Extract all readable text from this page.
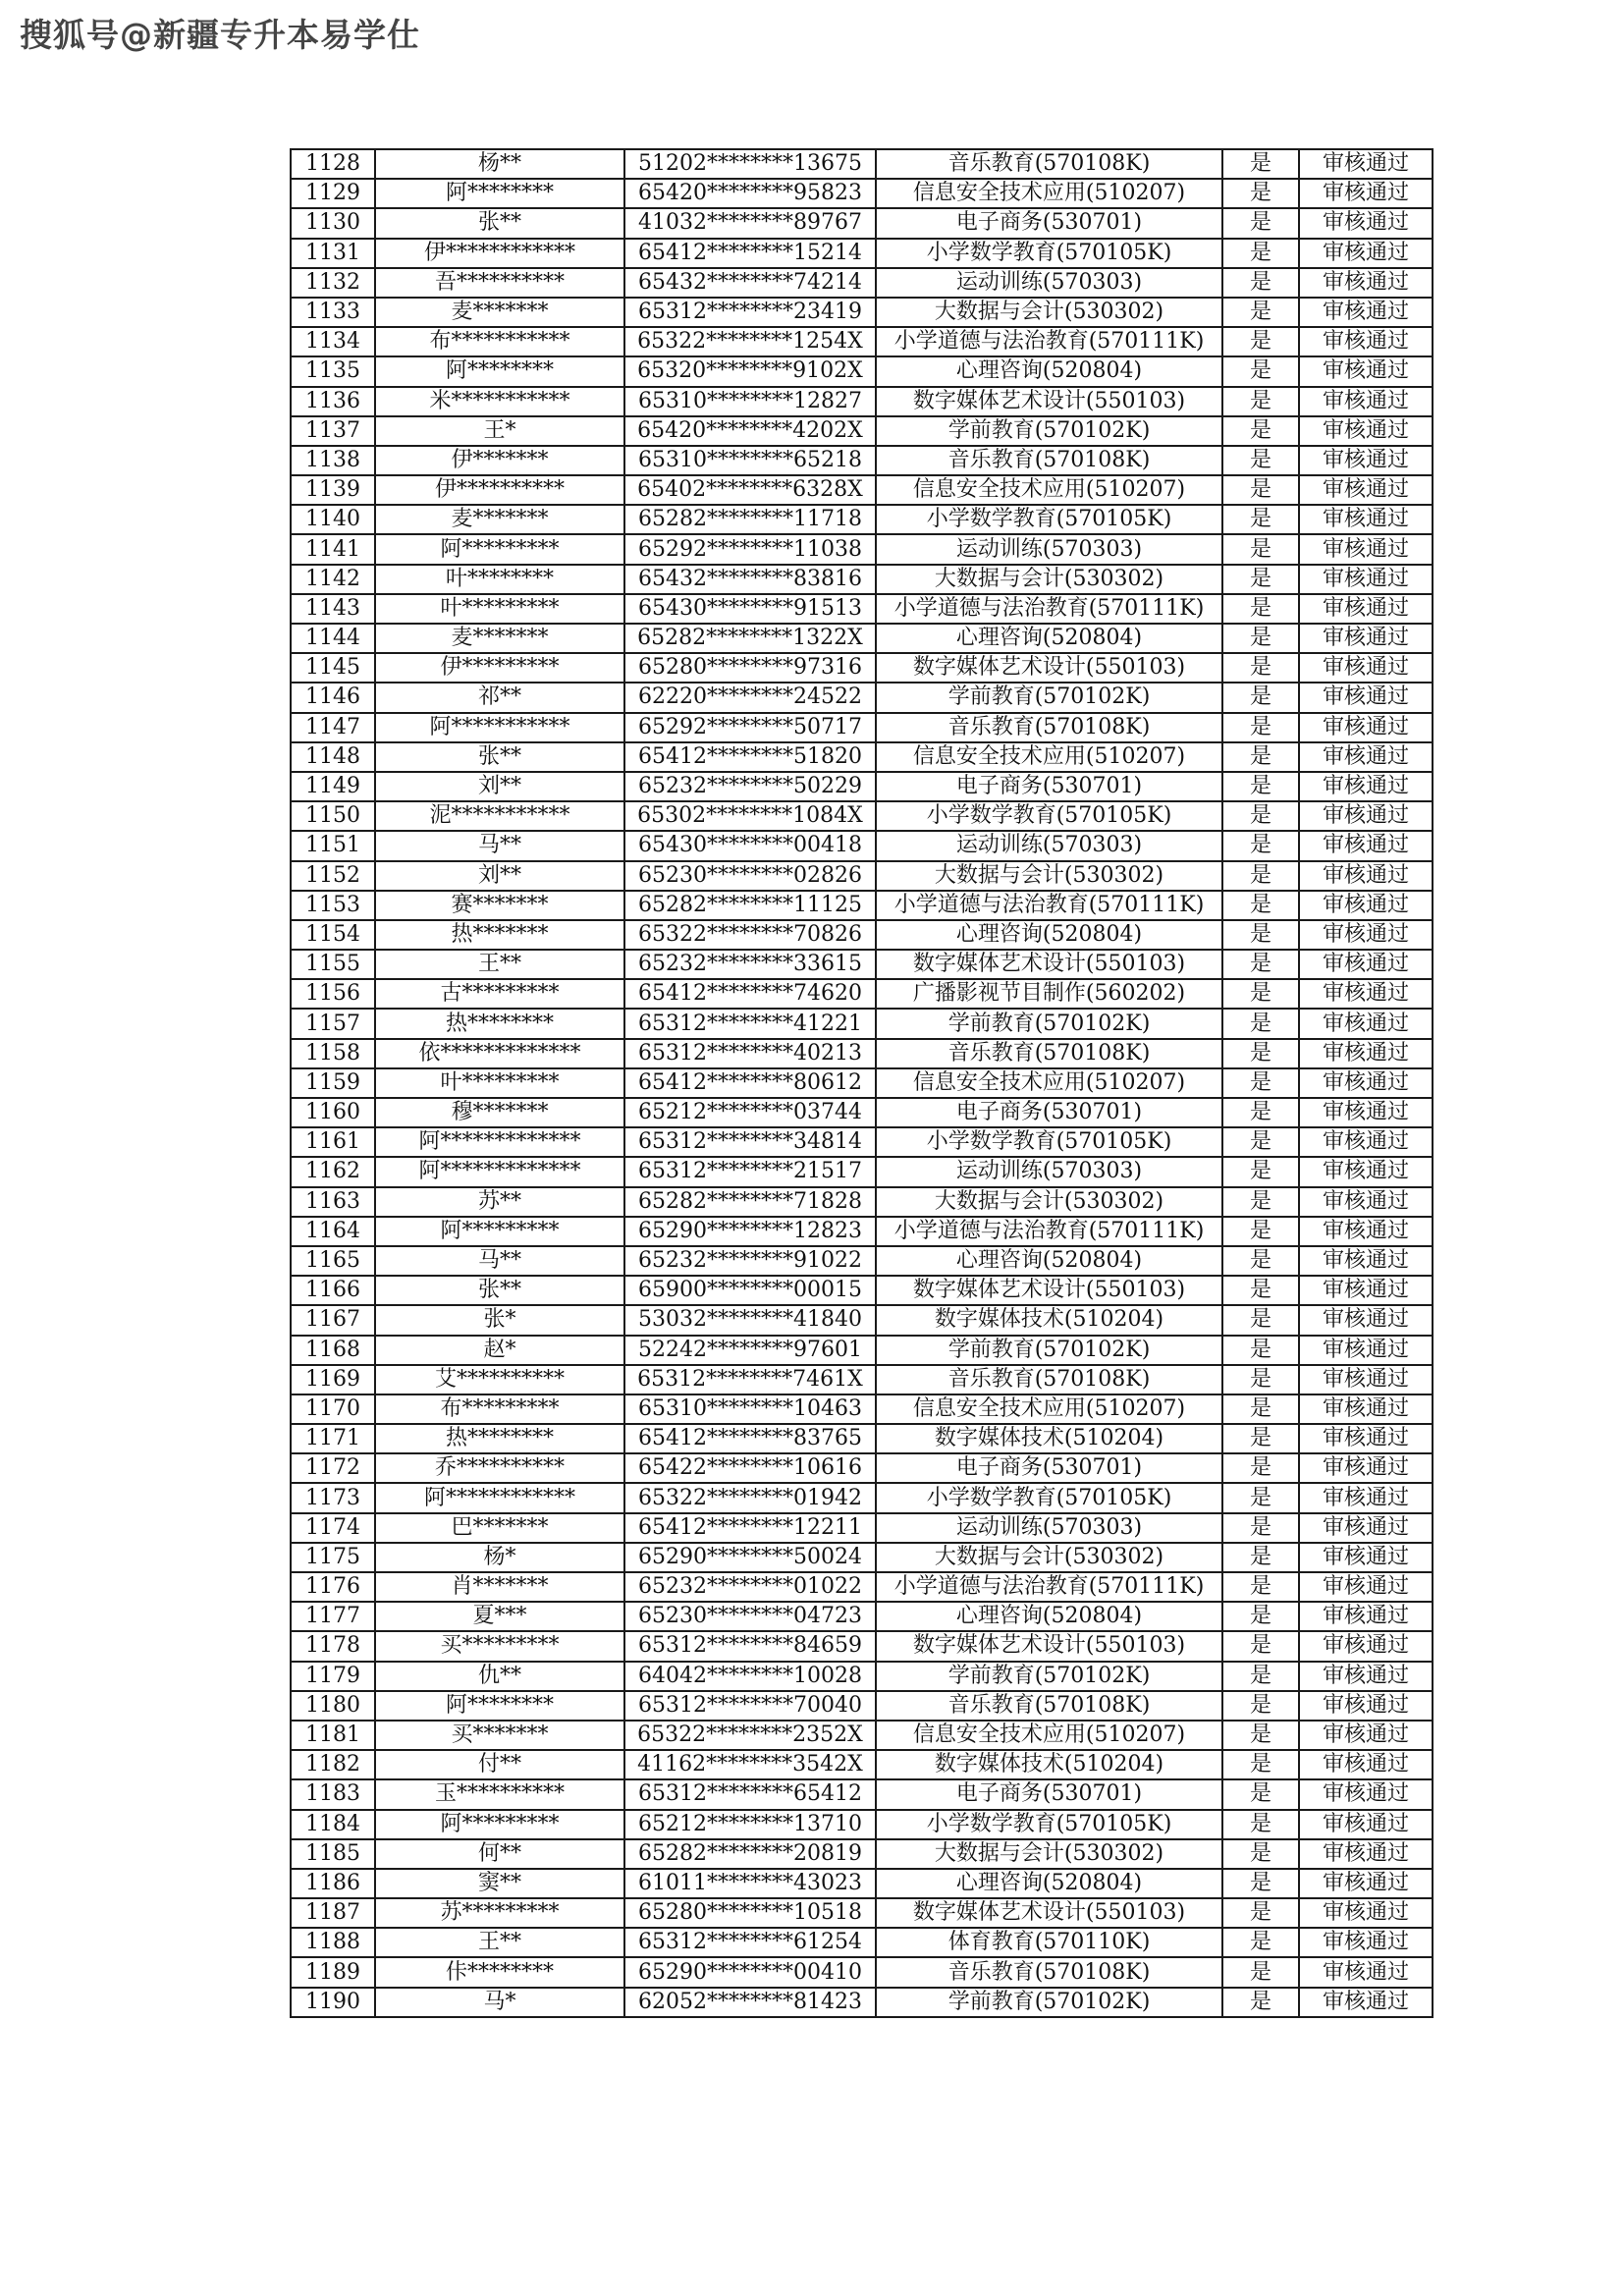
搜狐号@新疆专升本易学仕
1128	杨**	51202********13675	音乐教育(570108K)	是	审核通过
1129	阿********	65420********95823	信息安全技术应用(510207)	是	审核通过
1130	张**	41032********89767	电子商务(530701)	是	审核通过
1131	伊************	65412********15214	小学数学教育(570105K)	是	审核通过
1132	吾**********	65432********74214	运动训练(570303)	是	审核通过
1133	麦*******	65312********23419	大数据与会计(530302)	是	审核通过
1134	布***********	65322********1254X	小学道德与法治教育(570111K)	是	审核通过
1135	阿********	65320********9102X	心理咨询(520804)	是	审核通过
1136	米***********	65310********12827	数字媒体艺术设计(550103)	是	审核通过
1137	王*	65420********4202X	学前教育(570102K)	是	审核通过
1138	伊*******	65310********65218	音乐教育(570108K)	是	审核通过
1139	伊**********	65402********6328X	信息安全技术应用(510207)	是	审核通过
1140	麦*******	65282********11718	小学数学教育(570105K)	是	审核通过
1141	阿*********	65292********11038	运动训练(570303)	是	审核通过
1142	叶********	65432********83816	大数据与会计(530302)	是	审核通过
1143	叶*********	65430********91513	小学道德与法治教育(570111K)	是	审核通过
1144	麦*******	65282********1322X	心理咨询(520804)	是	审核通过
1145	伊*********	65280********97316	数字媒体艺术设计(550103)	是	审核通过
1146	祁**	62220********24522	学前教育(570102K)	是	审核通过
1147	阿***********	65292********50717	音乐教育(570108K)	是	审核通过
1148	张**	65412********51820	信息安全技术应用(510207)	是	审核通过
1149	刘**	65232********50229	电子商务(530701)	是	审核通过
1150	泥***********	65302********1084X	小学数学教育(570105K)	是	审核通过
1151	马**	65430********00418	运动训练(570303)	是	审核通过
1152	刘**	65230********02826	大数据与会计(530302)	是	审核通过
1153	赛*******	65282********11125	小学道德与法治教育(570111K)	是	审核通过
1154	热*******	65322********70826	心理咨询(520804)	是	审核通过
1155	王**	65232********33615	数字媒体艺术设计(550103)	是	审核通过
1156	古*********	65412********74620	广播影视节目制作(560202)	是	审核通过
1157	热********	65312********41221	学前教育(570102K)	是	审核通过
1158	依*************	65312********40213	音乐教育(570108K)	是	审核通过
1159	叶*********	65412********80612	信息安全技术应用(510207)	是	审核通过
1160	穆*******	65212********03744	电子商务(530701)	是	审核通过
1161	阿*************	65312********34814	小学数学教育(570105K)	是	审核通过
1162	阿*************	65312********21517	运动训练(570303)	是	审核通过
1163	苏**	65282********71828	大数据与会计(530302)	是	审核通过
1164	阿*********	65290********12823	小学道德与法治教育(570111K)	是	审核通过
1165	马**	65232********91022	心理咨询(520804)	是	审核通过
1166	张**	65900********00015	数字媒体艺术设计(550103)	是	审核通过
1167	张*	53032********41840	数字媒体技术(510204)	是	审核通过
1168	赵*	52242********97601	学前教育(570102K)	是	审核通过
1169	艾**********	65312********7461X	音乐教育(570108K)	是	审核通过
1170	布*********	65310********10463	信息安全技术应用(510207)	是	审核通过
1171	热********	65412********83765	数字媒体技术(510204)	是	审核通过
1172	乔**********	65422********10616	电子商务(530701)	是	审核通过
1173	阿************	65322********01942	小学数学教育(570105K)	是	审核通过
1174	巴*******	65412********12211	运动训练(570303)	是	审核通过
1175	杨*	65290********50024	大数据与会计(530302)	是	审核通过
1176	肖*******	65232********01022	小学道德与法治教育(570111K)	是	审核通过
1177	夏***	65230********04723	心理咨询(520804)	是	审核通过
1178	买*********	65312********84659	数字媒体艺术设计(550103)	是	审核通过
1179	仇**	64042********10028	学前教育(570102K)	是	审核通过
1180	阿********	65312********70040	音乐教育(570108K)	是	审核通过
1181	买*******	65322********2352X	信息安全技术应用(510207)	是	审核通过
1182	付**	41162********3542X	数字媒体技术(510204)	是	审核通过
1183	玉**********	65312********65412	电子商务(530701)	是	审核通过
1184	阿*********	65212********13710	小学数学教育(570105K)	是	审核通过
1185	何**	65282********20819	大数据与会计(530302)	是	审核通过
1186	窦**	61011********43023	心理咨询(520804)	是	审核通过
1187	苏*********	65280********10518	数字媒体艺术设计(550103)	是	审核通过
1188	王**	65312********61254	体育教育(570110K)	是	审核通过
1189	佧********	65290********00410	音乐教育(570108K)	是	审核通过
1190	马*	62052********81423	学前教育(570102K)	是	审核通过
